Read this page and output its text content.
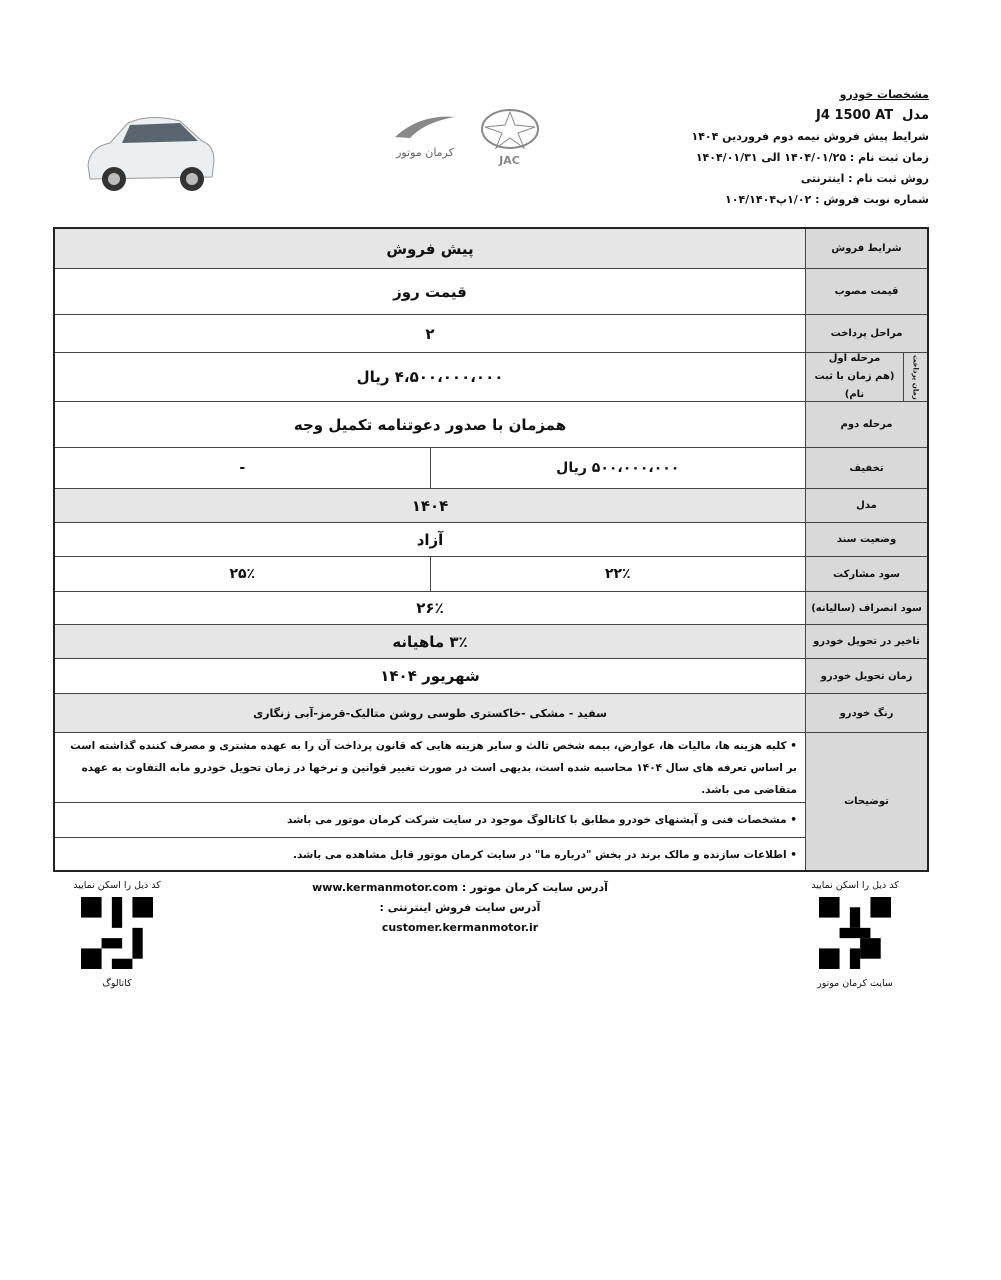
مشخصات خودرو
مدل  J4 1500 AT
شرایط پیش فروش نیمه دوم فروردین ۱۴۰۴
زمان ثبت نام : ۱۴۰۴/۰۱/۲۵ الی ۱۴۰۴/۰۱/۳۱
روش ثبت نام : اینترنتی
شماره نوبت فروش : ۱/۰۲پ۱۰۴/۱۴۰۴
کرمان موتور
JAC
شرایط فروش
پیش فروش
قیمت مصوب
قیمت روز
مراحل پرداخت
۲
زمان پرداخت
مرحله اول
(هم زمان با ثبت نام)
۴،۵۰۰،۰۰۰،۰۰۰ ریال
مرحله دوم
همزمان با صدور دعوتنامه تکمیل وجه
تخفیف
۵۰۰،۰۰۰،۰۰۰ ریال
-
مدل
۱۴۰۴
وضعیت سند
آزاد
سود مشارکت
۲۲٪
۲۵٪
سود انصراف (سالیانه)
۲۶٪
تاخیر در تحویل خودرو
۳٪ ماهیانه
زمان تحویل خودرو
شهریور ۱۴۰۴
رنگ خودرو
سفید - مشکی -خاکستری طوسی روشن متالیک-قرمز-آبی زنگاری
توضیحات
• کلیه هزینه ها، مالیات ها، عوارض، بیمه شخص ثالث و سایر هزینه هایی که قانون پرداخت آن را به عهده مشتری و مصرف کننده گذاشته است بر اساس تعرفه های سال ۱۴۰۴ محاسبه شده است، بدیهی است در صورت تغییر قوانین و نرخها در زمان تحویل خودرو مابه التفاوت به عهده متقاضی می باشد.
• مشخصات فنی و آپشنهای خودرو مطابق با کاتالوگ موجود در سایت شرکت کرمان موتور می باشد
• اطلاعات سازنده و مالک برند در بخش "درباره ما" در سایت کرمان موتور قابل مشاهده می باشد.
کد ذیل را اسکن نمایید
سایت کرمان موتور
کد ذیل را اسکن نمایید
کاتالوگ
آدرس سایت کرمان موتور : www.kermanmotor.com
آدرس سایت فروش اینترنتی : customer.kermanmotor.ir
